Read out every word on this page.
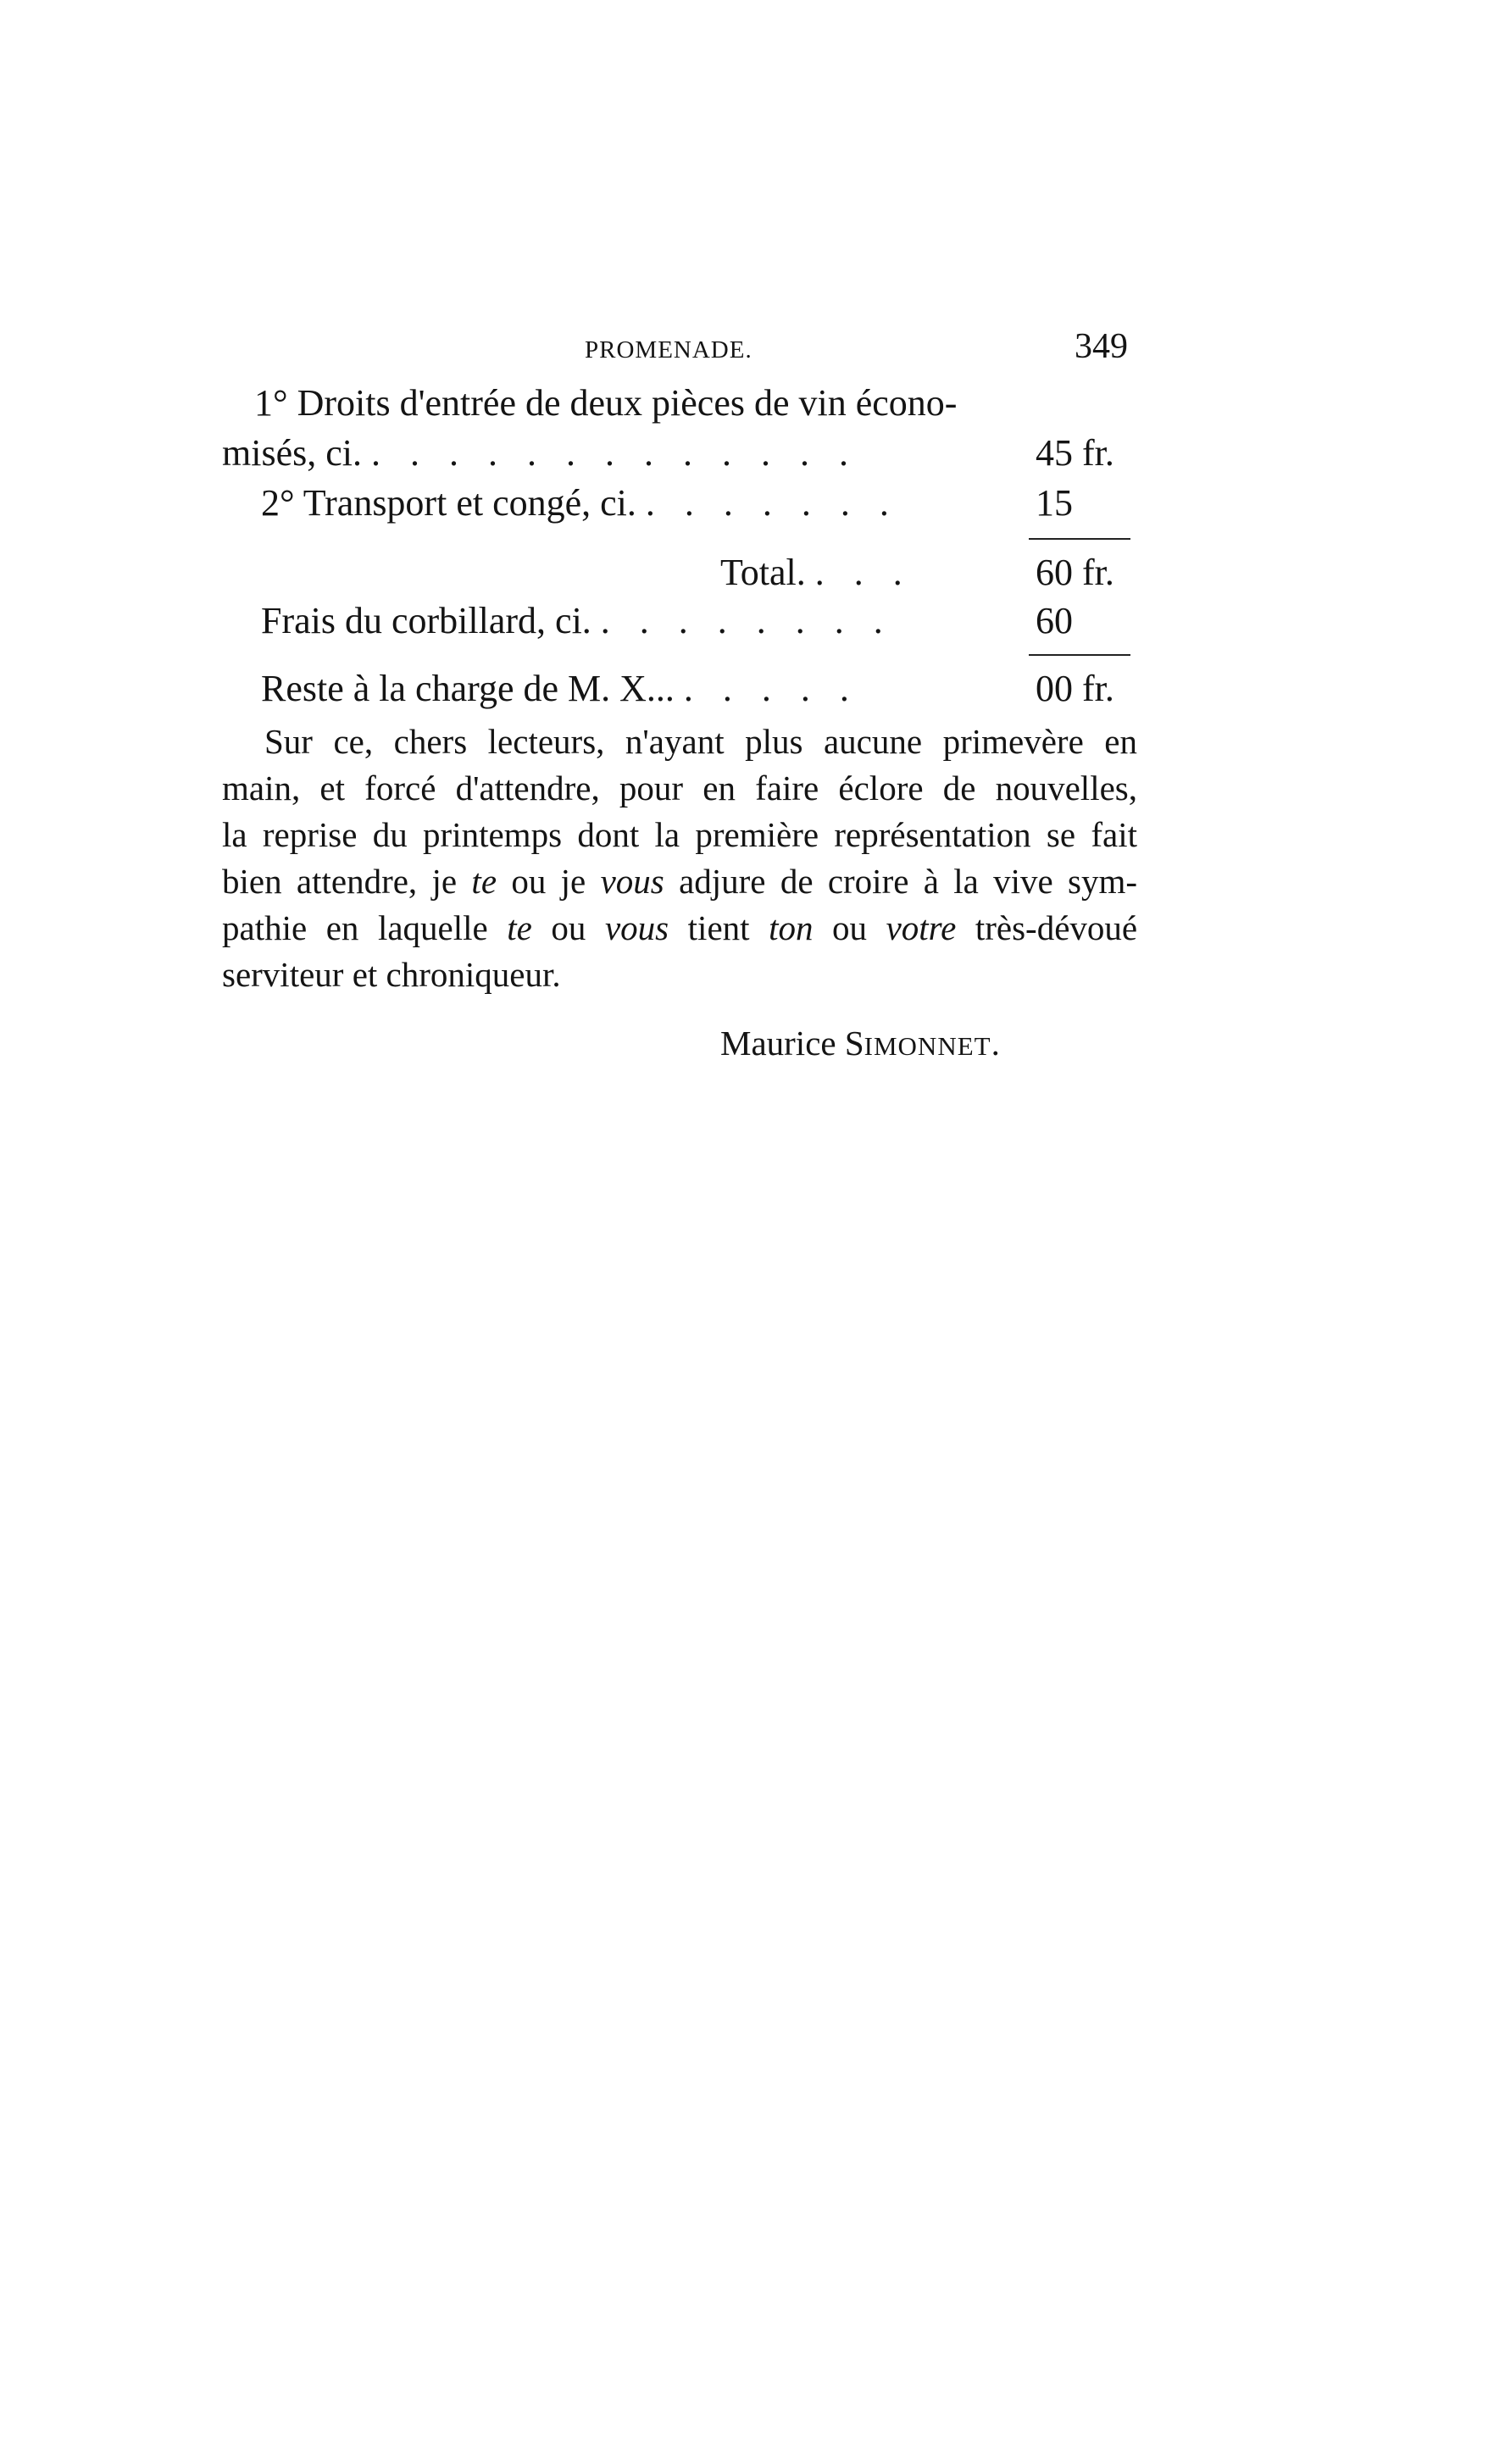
PROMENADE.	349
1° Droits d'entrée de deux pièces de vin écono-
misés, ci. . . . . . . . . . . . . .	45 fr.
2° Transport et congé, ci. . . . . . . .	15
Total. . . .	60 fr.
Frais du corbillard, ci. . . . . . . . .	60
Reste à la charge de M. X... . . . . .	00 fr.
Sur ce, chers lecteurs, n'ayant plus aucune primevère en
main, et forcé d'attendre, pour en faire éclore de nouvelles,
la reprise du printemps dont la première représentation se fait
bien attendre, je te ou je vous adjure de croire à la vive sym-
pathie en laquelle te ou vous tient ton ou votre très-dévoué
serviteur et chroniqueur.
Maurice SIMONNET.
